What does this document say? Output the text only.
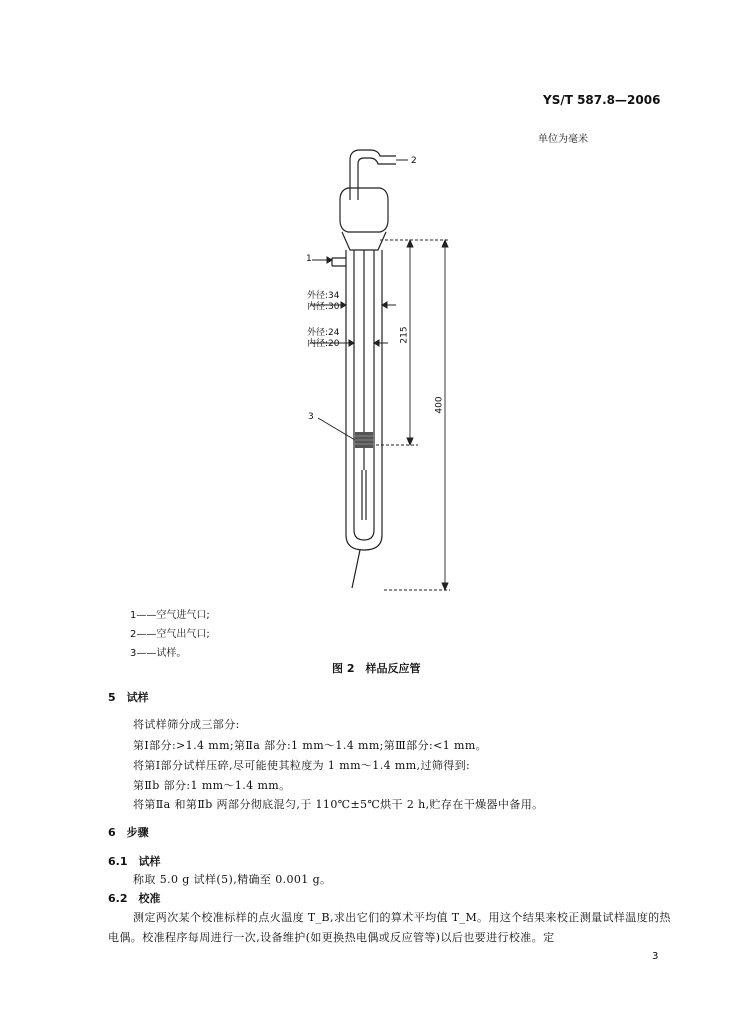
YS/T 587.8—2006
单位为毫米
2
1
外径:34
内径:30
外径:24
内径:20
3
215
400
1——空气进气口;
2——空气出气口;
3——试样。
图 2　样品反应管
5　试样
将试样筛分成三部分:
第Ⅰ部分:>1.4 mm;第Ⅱa 部分:1 mm～1.4 mm;第Ⅲ部分:<1 mm。
将第Ⅰ部分试样压碎,尽可能使其粒度为 1 mm～1.4 mm,过筛得到:
第Ⅱb 部分:1 mm～1.4 mm。
将第Ⅱa 和第Ⅱb 两部分彻底混匀,于 110℃±5℃烘干 2 h,贮存在干燥器中备用。
6　步骤
6.1　试样
称取 5.0 g 试样(5),精确至 0.001 g。
6.2　校准
测定两次某个校准标样的点火温度 T_B,求出它们的算术平均值 T_M。用这个结果来校正测量试样温度的热电偶。校准程序每周进行一次,设备维护(如更换热电偶或反应管等)以后也要进行校准。定
3
